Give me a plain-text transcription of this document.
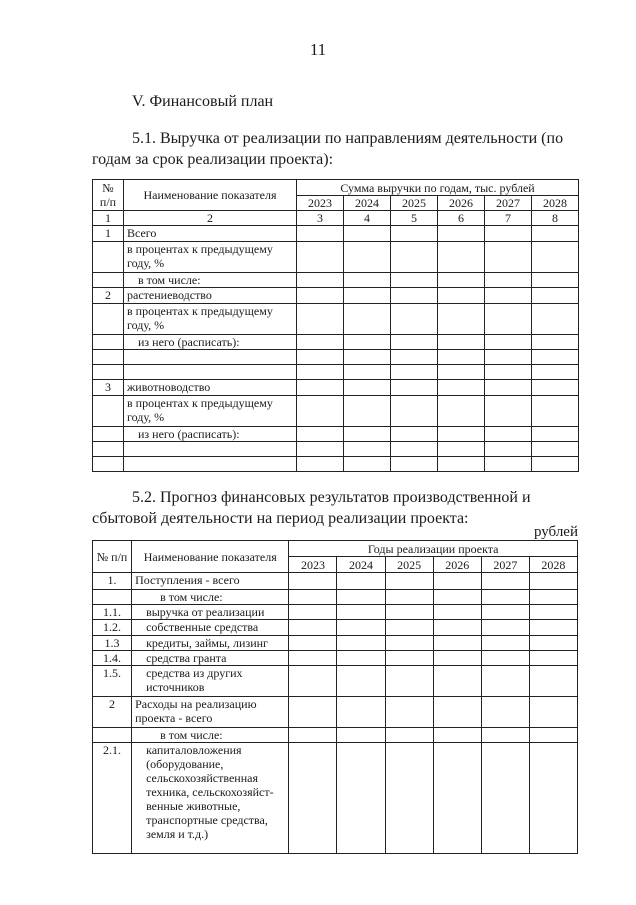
11
V. Финансовый план
5.1. Выручка от реализации по направлениям деятельности (по годам за срок реализации проекта):
№ п/п	Наименование показателя	Сумма выручки по годам, тыс. рублей					
		2023	2024	2025	2026	2027	2028
1	2	3	4	5	6	7	8
1	Всего						
	в процентах к предыдущему году, %						
	в том числе:						
2	растениеводство						
	в процентах к предыдущему году, %						
	из него (расписать):						

3	животноводство						
	в процентах к предыдущему году, %						
	из него (расписать):						

5.2. Прогноз финансовых результатов производственной и сбытовой деятельности на период реализации проекта:
рублей
№ п/п	Наименование показателя	Годы реализации проекта					
		2023	2024	2025	2026	2027	2028
1.	Поступления - всего						
	в том числе:						
1.1.	выручка от реализации						
1.2.	собственные средства						
1.3	кредиты, займы, лизинг						
1.4.	средства гранта						
1.5.	средства из других источников						
2	Расходы на реализацию проекта - всего						
	в том числе:						
2.1.	капиталовложения (оборудование, сельскохозяйственная техника, сельскохозяйст-венные животные, транспортные средства, земля и т.д.)						
